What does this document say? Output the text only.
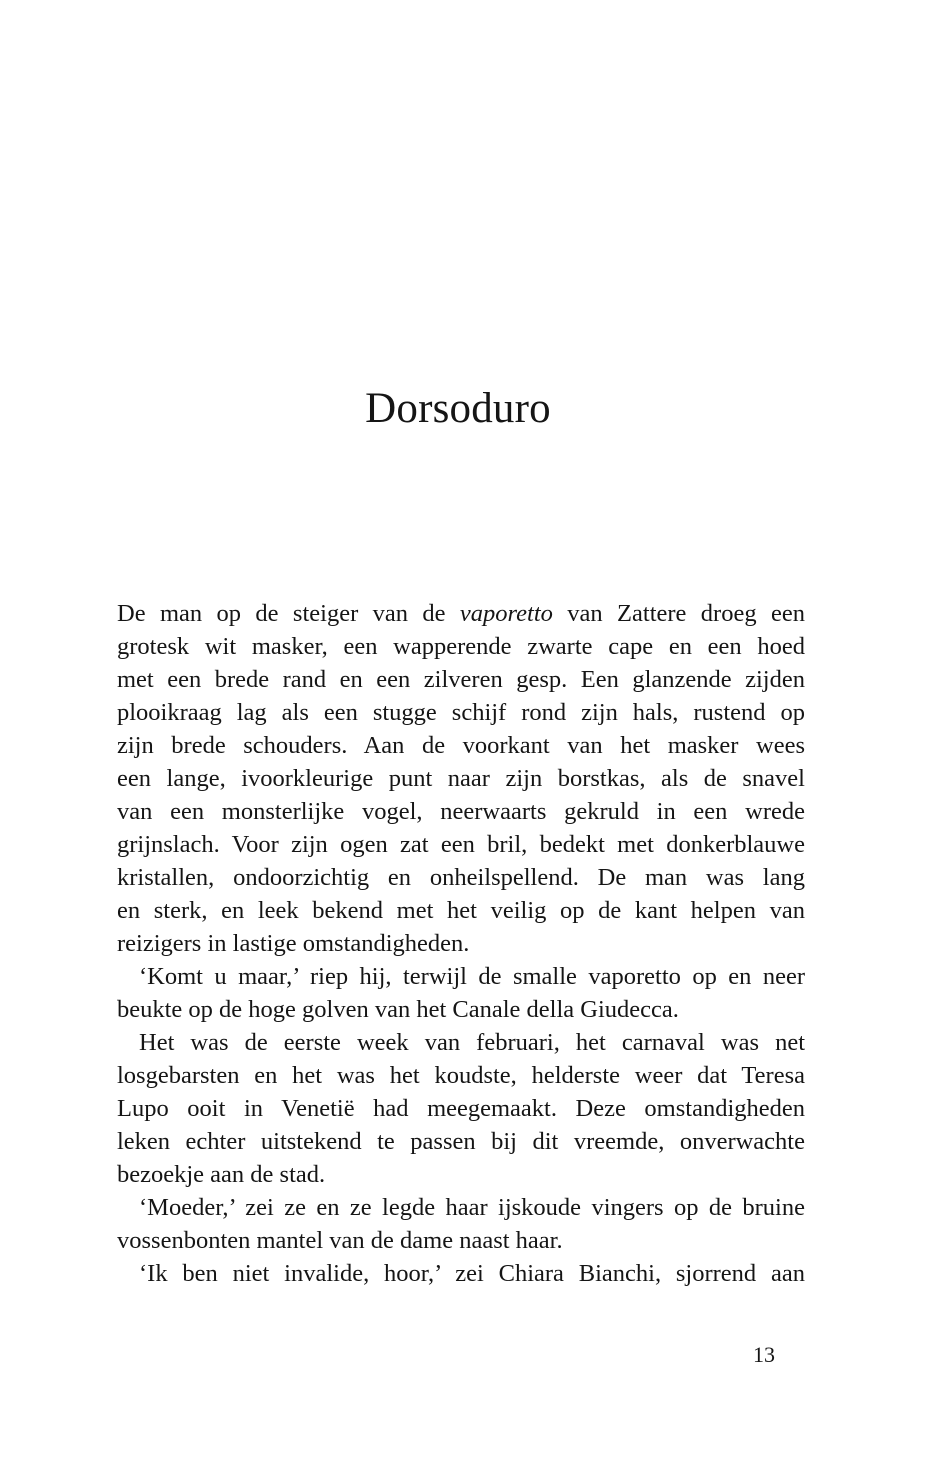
Dorsoduro
De man op de steiger van de vaporetto van Zattere droeg een
grotesk wit masker, een wapperende zwarte cape en een hoed
met een brede rand en een zilveren gesp. Een glanzende zijden
plooikraag lag als een stugge schijf rond zijn hals, rustend op
zijn brede schouders. Aan de voorkant van het masker wees
een lange, ivoorkleurige punt naar zijn borstkas, als de snavel
van een monsterlijke vogel, neerwaarts gekruld in een wrede
grijnslach. Voor zijn ogen zat een bril, bedekt met donkerblauwe
kristallen, ondoorzichtig en onheilspellend. De man was lang
en sterk, en leek bekend met het veilig op de kant helpen van
reizigers in lastige omstandigheden.
‘Komt u maar,’ riep hij, terwijl de smalle vaporetto op en neer
beukte op de hoge golven van het Canale della Giudecca.
Het was de eerste week van februari, het carnaval was net
losgebarsten en het was het koudste, helderste weer dat Teresa
Lupo ooit in Venetië had meegemaakt. Deze omstandigheden
leken echter uitstekend te passen bij dit vreemde, onverwachte
bezoekje aan de stad.
‘Moeder,’ zei ze en ze legde haar ijskoude vingers op de bruine
vossenbonten mantel van de dame naast haar.
‘Ik ben niet invalide, hoor,’ zei Chiara Bianchi, sjorrend aan
13
